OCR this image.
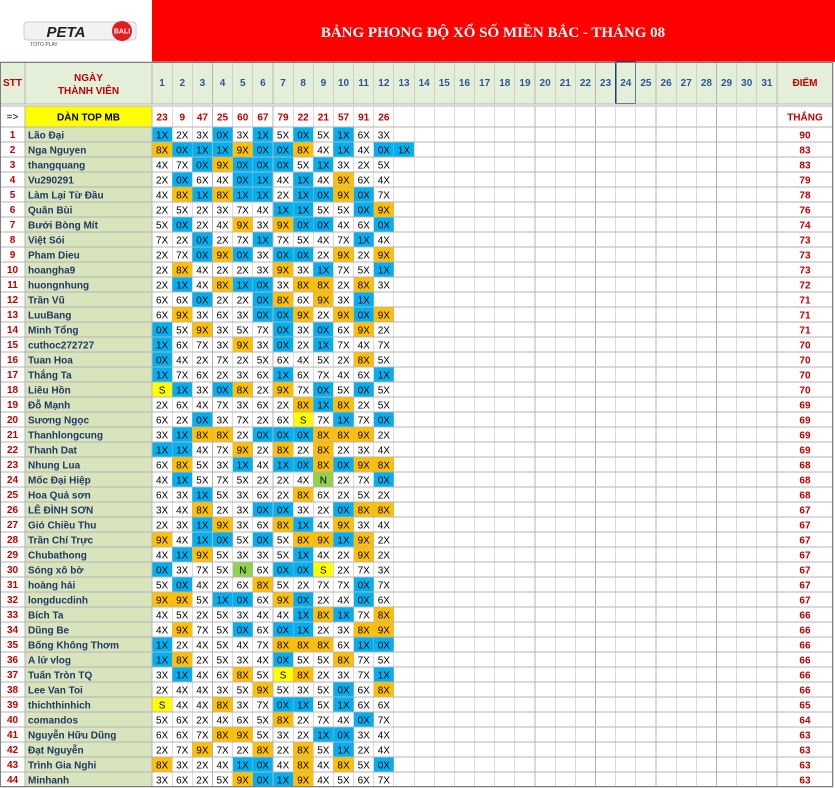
PETA
TOTO PLAY
BALI	BẢNG PHONG ĐỘ XỔ SỐ MIỀN BẮC - THÁNG 08
STT	NGÀY
THÀNH VIÊN
1 2 3 4 5 6 7 8 9 10 11 12 13 14 15 16 17 18 19 20 21 22 23 24 25 26 27 28 29 30 31 ĐIỂM
=>	DÀN TOP MB	23 9 47 25 60 67 79 22 21 57 91 26	THẮNG
1 Lão Đại	1X 2X 3X 0X 3X 1X 5X 0X 5X 1X 6X 3X	90
2 Nga Nguyen	8X 0X 1X 1X 9X 0X 0X 8X 4X 1X 4X 0X 1X	83
3 thangquang	4X 7X 0X 9X 0X 0X 0X 5X 1X 3X 2X 5X	83
4 Vu290291	2X 0X 6X 4X 0X 1X 4X 1X 4X 9X 6X 4X	79
5 Làm Lại Từ Đầu	4X 8X 1X 8X 1X 1X 2X 1X 0X 9X 0X 7X	78
6 Quân Bùi	2X 5X 2X 3X 7X 4X 1X 1X 5X 5X 0X 9X	76
7 Bưởi Bòng Mít	5X 0X 2X 4X 9X 3X 9X 0X 0X 4X 6X 0X	74
8 Việt Sói	7X 2X 0X 2X 7X 1X 7X 5X 4X 7X 1X 4X	73
9 Pham Dieu	2X 7X 0X 9X 0X 3X 0X 0X 2X 9X 2X 9X	73
10 hoangha9	2X 8X 4X 2X 2X 3X 9X 3X 1X 7X 5X 1X	73
11 huongnhung	2X 1X 4X 8X 1X 0X 3X 8X 8X 2X 8X 3X	72
12 Trần Vũ	6X 6X 0X 2X 2X 0X 8X 6X 9X 3X 1X	71
13 LuuBang	6X 9X 3X 6X 3X 0X 0X 9X 2X 9X 0X 9X	71
14 Minh Tổng	0X 5X 9X 3X 5X 7X 0X 3X 0X 6X 9X 2X	71
15 cuthoc272727	1X 6X 7X 3X 9X 3X 0X 2X 1X 7X 4X 7X	70
16 Tuan Hoa	0X 4X 2X 7X 2X 5X 6X 4X 5X 2X 8X 5X	70
17 Thắng Ta	1X 7X 6X 2X 3X 6X 1X 6X 7X 4X 6X 1X	70
18 Liêu Hồn	S 1X 3X 0X 8X 2X 9X 7X 0X 5X 0X 5X	70
19 Đỗ Mạnh	2X 6X 4X 7X 3X 6X 2X 8X 1X 8X 2X 5X	69
20 Sương Ngọc	6X 2X 0X 3X 7X 2X 6X S 7X 1X 7X 0X	69
21 Thanhlongcung	3X 1X 8X 8X 2X 0X 0X 0X 8X 8X 9X 2X	69
22 Thanh Dat	1X 1X 4X 7X 9X 2X 8X 2X 8X 2X 3X 4X	69
23 Nhung Lua	6X 8X 5X 3X 1X 4X 1X 0X 8X 0X 9X 8X	68
24 Mốc Đại Hiệp	4X 1X 5X 7X 5X 2X 2X 4X N 2X 7X 0X	68
25 Hoa Quả sơn	6X 3X 1X 5X 3X 6X 2X 8X 6X 2X 5X 2X	68
26 LÊ ĐÌNH SƠN	3X 4X 8X 2X 3X 0X 0X 3X 2X 0X 8X 8X	67
27 Gió Chiều Thu	2X 3X 1X 9X 3X 6X 8X 1X 4X 9X 3X 4X	67
28 Trần Chí Trực	9X 4X 1X 0X 5X 0X 5X 8X 9X 1X 9X 2X	67
29 Chubathong	4X 1X 9X 5X 3X 3X 5X 1X 4X 2X 9X 2X	67
30 Sóng xô bờ	0X 3X 7X 5X N 6X 0X 0X S 2X 7X 3X	67
31 hoàng hải	5X 0X 4X 2X 6X 8X 5X 2X 7X 7X 0X 7X	67
32 longducdinh	9X 9X 5X 1X 0X 6X 9X 0X 2X 4X 0X 6X	67
33 Bích Ta	4X 5X 2X 5X 3X 4X 4X 1X 8X 1X 7X 8X	66
34 Dũng Be	4X 9X 7X 5X 0X 6X 0X 1X 2X 3X 8X 9X	66
35 Bống Không Thơm	1X 2X 4X 5X 4X 7X 8X 8X 8X 6X 1X 0X	66
36 A lử vlog	1X 8X 2X 5X 3X 4X 0X 5X 5X 8X 7X 5X	66
37 Tuấn Tròn TQ	3X 1X 4X 6X 8X 5X S 8X 2X 3X 7X 1X	66
38 Lee Van Toi	2X 4X 4X 3X 5X 9X 5X 3X 5X 0X 6X 8X	66
39 thichthinhich	S 4X 4X 8X 3X 7X 0X 1X 5X 1X 6X 6X	65
40 comandos	5X 6X 2X 4X 6X 5X 8X 2X 7X 4X 0X 7X	64
41 Nguyễn Hữu Dũng	6X 6X 7X 8X 9X 5X 3X 2X 1X 0X 3X 4X	63
42 Đạt Nguyễn	2X 7X 9X 7X 2X 8X 2X 8X 5X 1X 2X 4X	63
43 Trình Gia Nghi	8X 3X 2X 4X 1X 0X 4X 8X 4X 8X 5X 0X	63
44 Minhanh	3X 6X 2X 5X 9X 0X 1X 9X 4X 5X 6X 7X	63
